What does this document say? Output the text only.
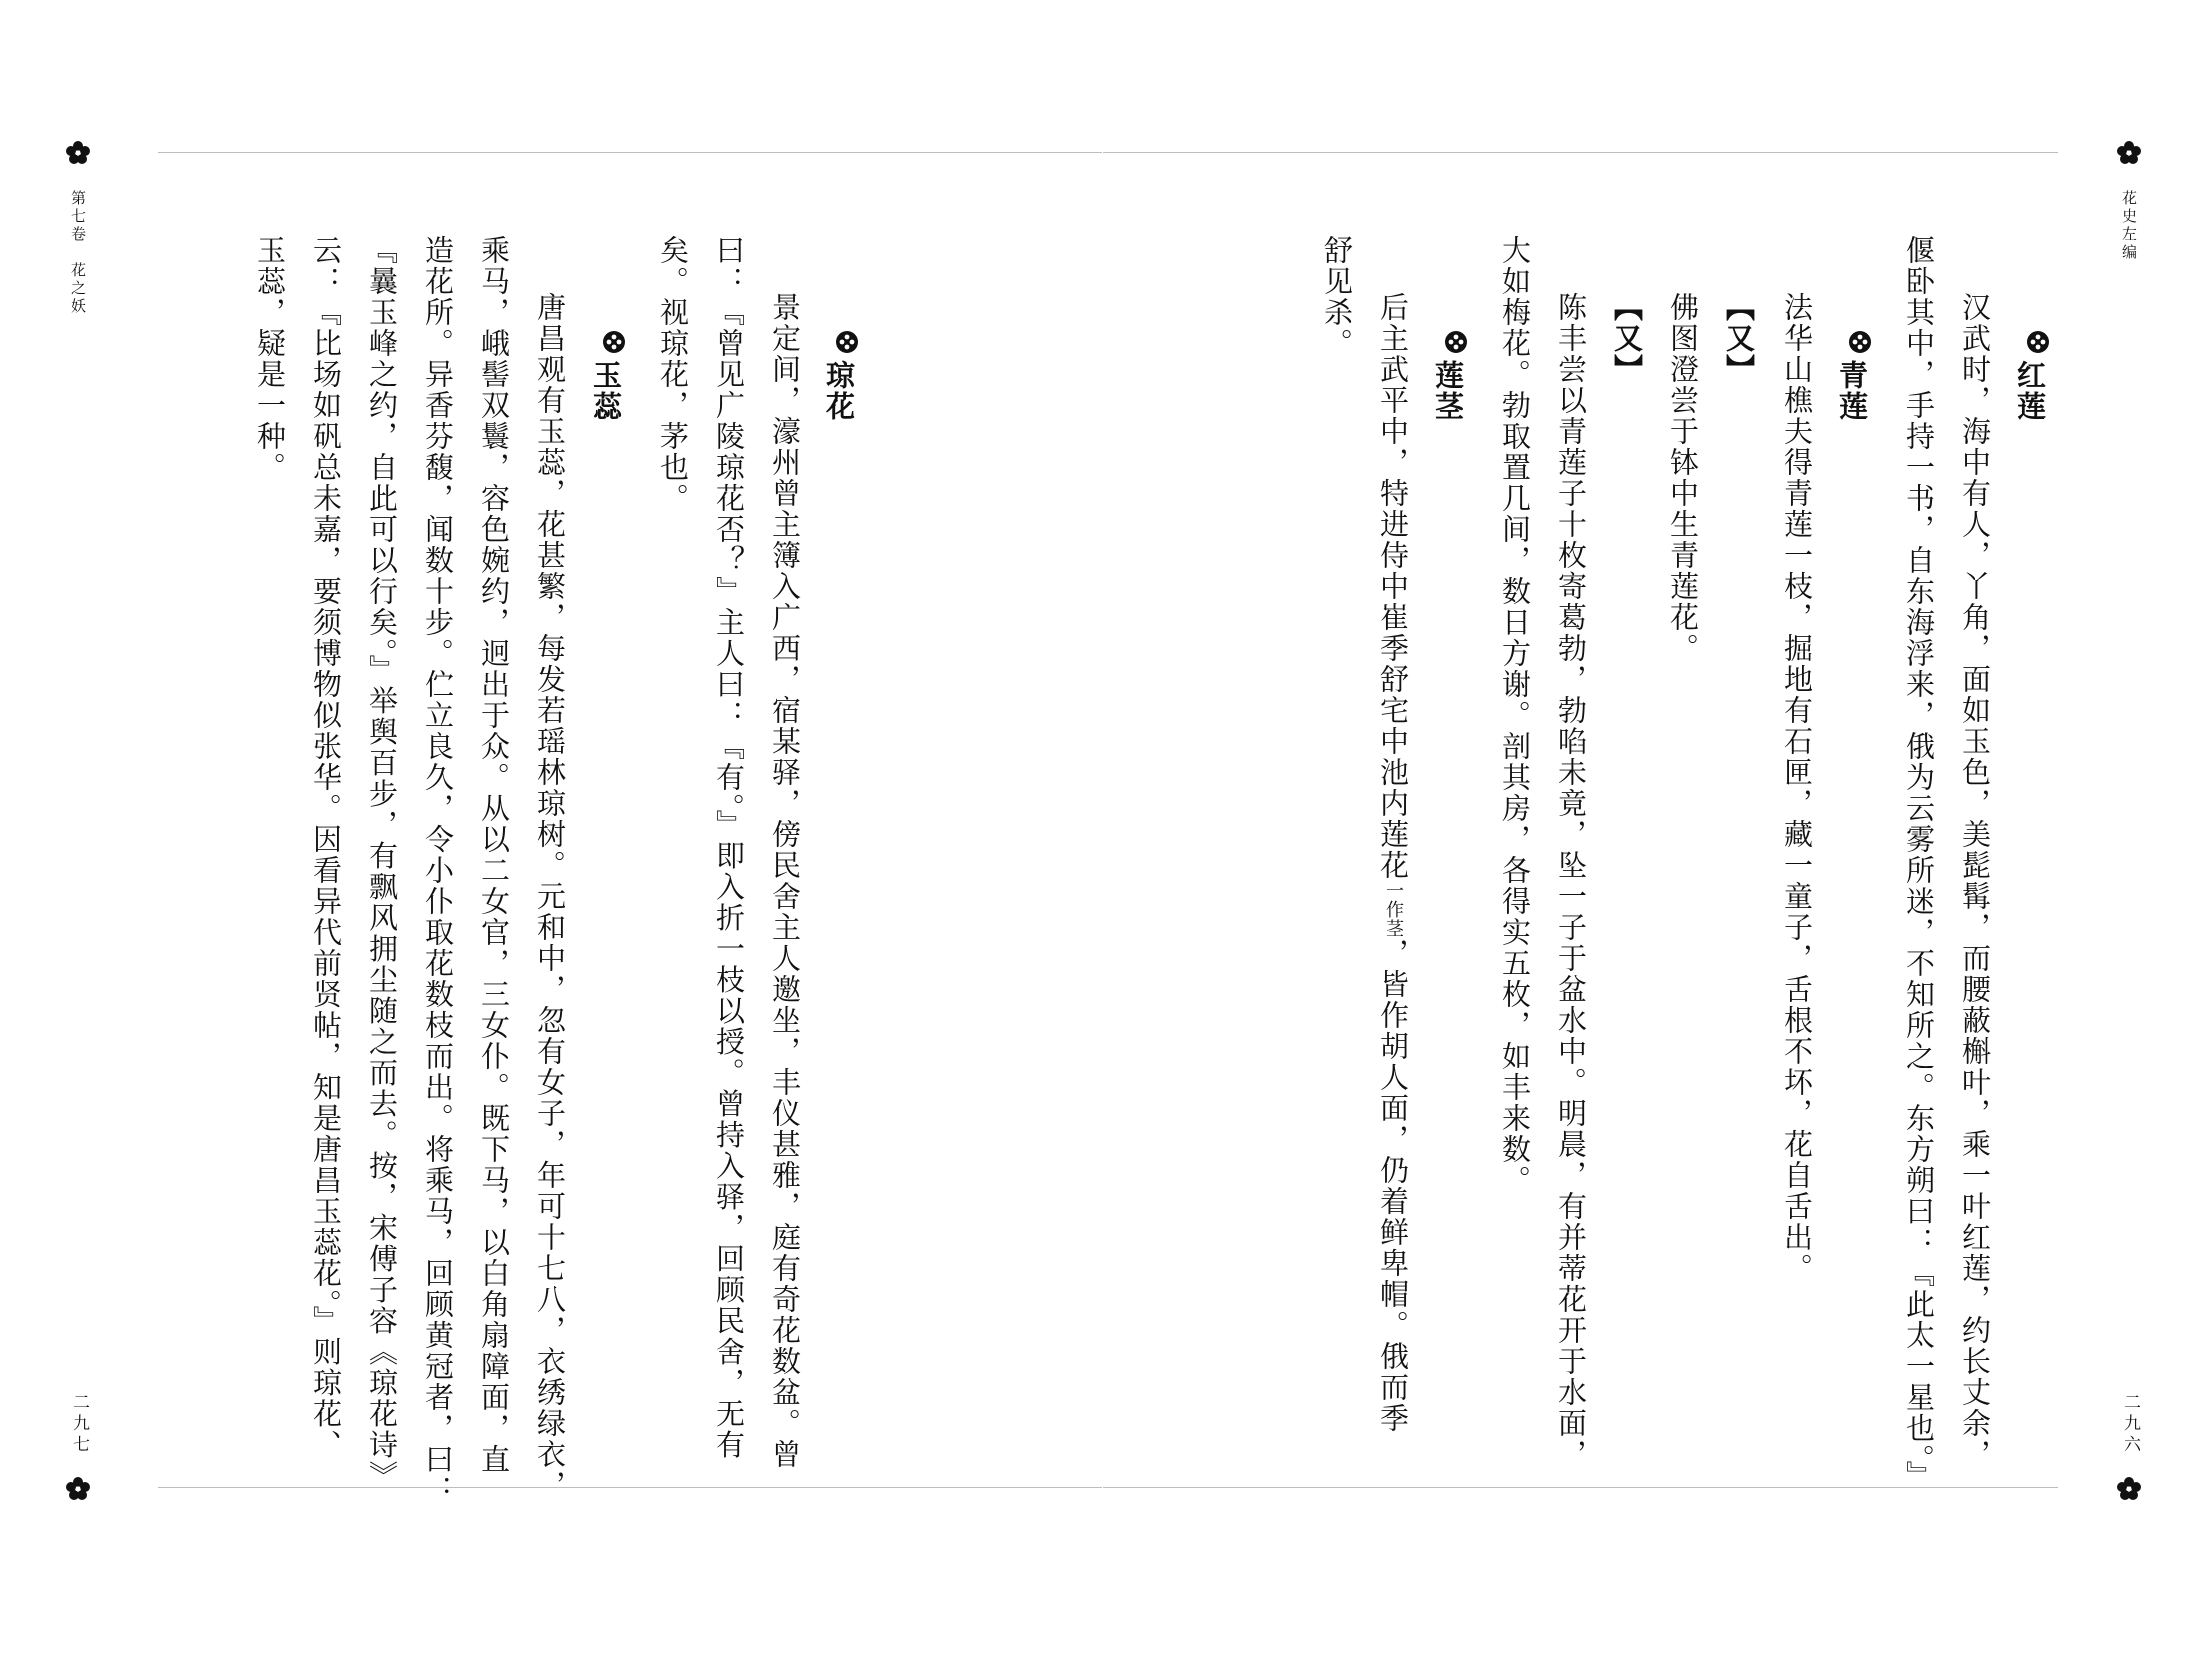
第七卷花之妖
二九七
琼花
景定间，濠州曾主簿入广西，宿某驿，傍民舍主人邀坐，丰仪甚雅，庭有奇花数盆。曾
曰：『曾见广陵琼花否？』主人曰：『有。』即入折一枝以授。曾持入驿，回顾民舍，无有
矣。视琼花，茅也。
玉蕊
唐昌观有玉蕊，花甚繁，每发若瑶林琼树。元和中，忽有女子，年可十七八，衣绣绿衣，
乘马，峨髻双鬟，容色婉约，迥出于众。从以二女官，三女仆。既下马，以白角扇障面，直
造花所。异香芬馥，闻数十步。伫立良久，令小仆取花数枝而出。将乘马，回顾黄冠者，曰：
『曩玉峰之约，自此可以行矣。』举舆百步，有飘风拥尘随之而去。按，宋傅子容《琼花诗》
云：『比场如矾总未嘉，要须博物似张华。因看异代前贤帖，知是唐昌玉蕊花。』则琼花、
玉蕊，疑是一种。
花史左编
二九六
红莲
汉武时，海中有人，丫角，面如玉色，美髭髯，而腰蔽槲叶，乘一叶红莲，约长丈余，
偃卧其中，手持一书，自东海浮来，俄为云雾所迷，不知所之。东方朔曰：『此太一星也。』
青莲
法华山樵夫得青莲一枝，掘地有石匣，藏一童子，舌根不坏，花自舌出。
【又】
佛图澄尝于钵中生青莲花。
【又】
陈丰尝以青莲子十枚寄葛勃，勃啗未竟，坠一子于盆水中。明晨，有并蒂花开于水面，
大如梅花。勃取置几间，数日方谢。剖其房，各得实五枚，如丰来数。
莲茎
后主武平中，特进侍中崔季舒宅中池内莲花一作茎，皆作胡人面，仍着鲜卑帽。俄而季
舒见杀。
